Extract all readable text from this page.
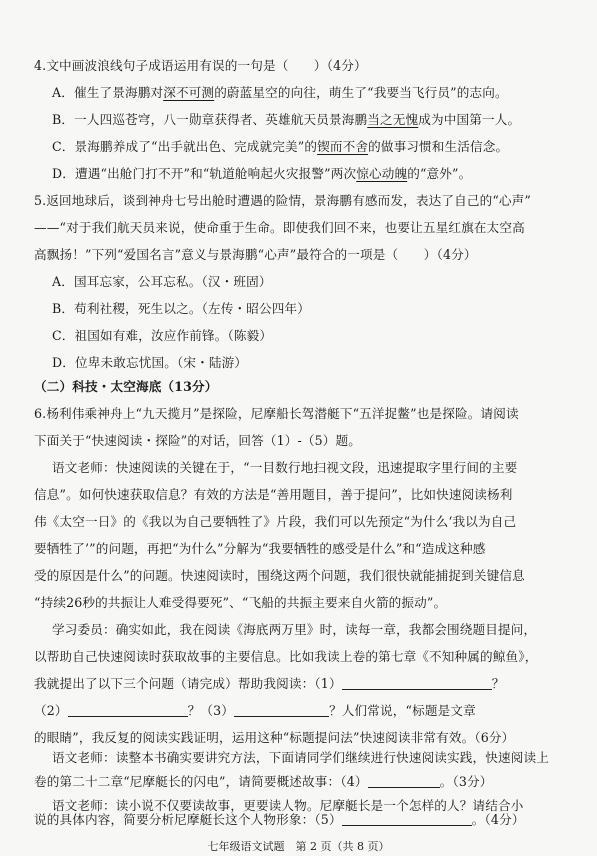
4.文中画波浪线句子成语运用有误的一句是（　　）（4分）
A．催生了景海鹏对深不可测的蔚蓝星空的向往，萌生了“我要当飞行员”的志向。
B．一人四巡苍穹，八一勋章获得者、英雄航天员景海鹏当之无愧成为中国第一人。
C．景海鹏养成了“出手就出色、完成就完美”的锲而不舍的做事习惯和生活信念。
D．遭遇“出舱门打不开”和“轨道舱响起火灾报警”两次惊心动魄的“意外”。
5.返回地球后，谈到神舟七号出舱时遭遇的险情，景海鹏有感而发，表达了自己的“心声”
——“对于我们航天员来说，使命重于生命。即使我们回不来，也要让五星红旗在太空高
高飘扬！”下列“爱国名言”意义与景海鹏“心声”最符合的一项是（　　）（4分）
A．国耳忘家，公耳忘私。（汉・班固）
B．苟利社稷，死生以之。（左传・昭公四年）
C．祖国如有难，汝应作前锋。（陈毅）
D．位卑未敢忘忧国。（宋・陆游）
（二）科技・太空海底（13分）
6.杨利伟乘神舟上“九天揽月”是探险，尼摩船长驾潜艇下“五洋捉鳖”也是探险。请阅读
下面关于“快速阅读・探险”的对话，回答（1）-（5）题。
语文老师：快速阅读的关键在于，“一目数行地扫视文段，迅速提取字里行间的主要
信息”。如何快速获取信息？有效的方法是“善用题目，善于提问”，比如快速阅读杨利
伟《太空一日》的《我以为自己要牺牲了》片段，我们可以先预定“为什么‘我以为自己
要牺牲了’”的问题，再把“为什么”分解为“我要牺牲的感受是什么”和“造成这种感
受的原因是什么”的问题。快速阅读时，围绕这两个问题，我们很快就能捕捉到关键信息
“持续26秒的共振让人难受得要死”、“飞船的共振主要来自火箭的振动”。
学习委员：确实如此，我在阅读《海底两万里》时，读每一章，我都会围绕题目提问，
以帮助自己快速阅读时获取故事的主要信息。比如我读上卷的第七章《不知种属的鲸鱼》，
我就提出了以下三个问题（请完成）帮助我阅读：（1）	？
（2）	？（3）	？人们常说，“标题是文章
的眼睛”，我反复的阅读实践证明，运用这种“标题提问法”快速阅读非常有效。（6分）
语文老师：读整本书确实要讲究方法，下面请同学们继续进行快速阅读实践，快速阅读上
卷的第二十二章“尼摩艇长的闪电”，请简要概述故事：（4）	。（3分）
七年级语文试题　第 2 页（共 8 页）
语文老师：读小说不仅要读故事，更要读人物。尼摩艇长是一个怎样的人？请结合小
说的具体内容，简要分析尼摩艇长这个人物形象：（5）	。（4分）
